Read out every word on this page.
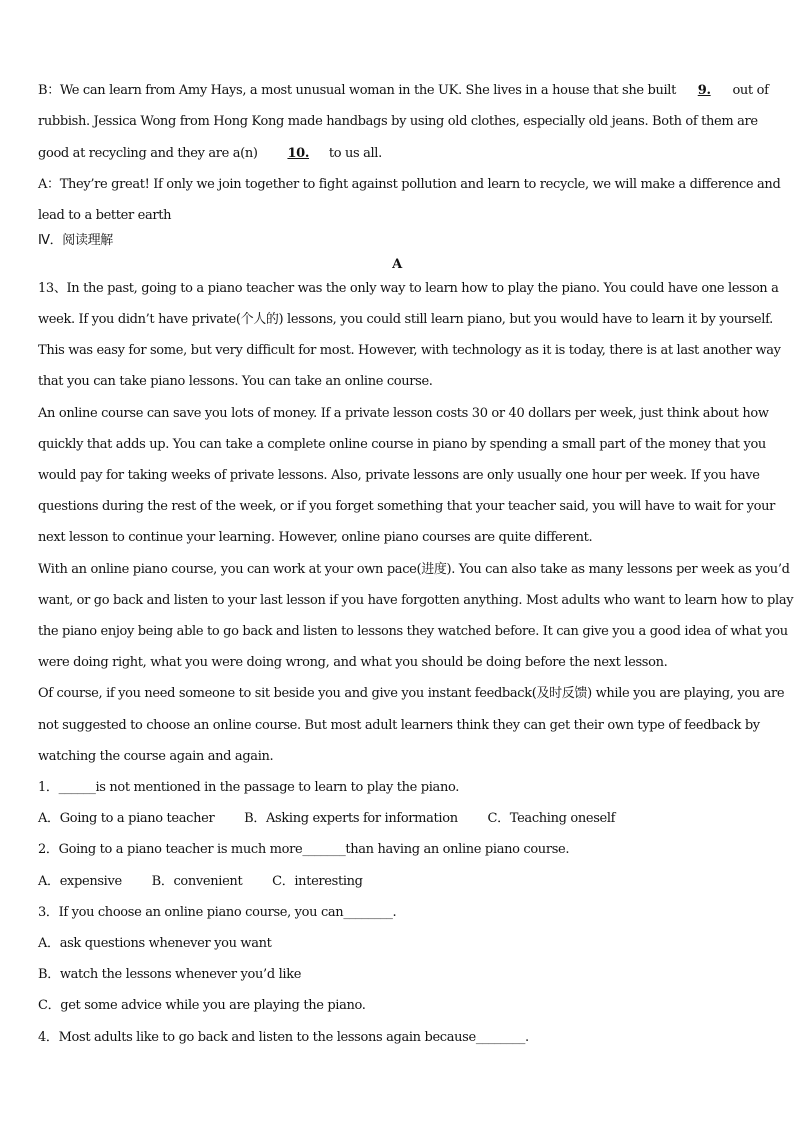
B：We can learn from Amy Hays, a most unusual woman in the UK. She lives in a house that she built 9. out of
rubbish. Jessica Wong from Hong Kong made handbags by using old clothes, especially old jeans. Both of them are
good at recycling and they are a(n) 10. to us all.
A：They’re great! If only we join together to fight against pollution and learn to recycle, we will make a difference and
lead to a better earth
Ⅳ．阅读理解
A
13、In the past, going to a piano teacher was the only way to learn how to play the piano. You could have one lesson a
week. If you didn’t have private(个人的) lessons, you could still learn piano, but you would have to learn it by yourself.
This was easy for some, but very difficult for most. However, with technology as it is today, there is at last another way
that you can take piano lessons. You can take an online course.
An online course can save you lots of money. If a private lesson costs 30 or 40 dollars per week, just think about how
quickly that adds up. You can take a complete online course in piano by spending a small part of the money that you
would pay for taking weeks of private lessons. Also, private lessons are only usually one hour per week. If you have
questions during the rest of the week, or if you forget something that your teacher said, you will have to wait for your
next lesson to continue your learning. However, online piano courses are quite different.
With an online piano course, you can work at your own pace(进度). You can also take as many lessons per week as you’d
want, or go back and listen to your last lesson if you have forgotten anything. Most adults who want to learn how to play
the piano enjoy being able to go back and listen to lessons they watched before. It can give you a good idea of what you
were doing right, what you were doing wrong, and what you should be doing before the next lesson.
Of course, if you need someone to sit beside you and give you instant feedback(及时反馈) while you are playing, you are
not suggested to choose an online course. But most adult learners think they can get their own type of feedback by
watching the course again and again.
1．______is not mentioned in the passage to learn to play the piano.
A．Going to a piano teacher B．Asking experts for information C．Teaching oneself
2．Going to a piano teacher is much more_______than having an online piano course.
A．expensive B．convenient C．interesting
3．If you choose an online piano course, you can________.
A．ask questions whenever you want
B．watch the lessons whenever you’d like
C．get some advice while you are playing the piano.
4．Most adults like to go back and listen to the lessons again because________.
